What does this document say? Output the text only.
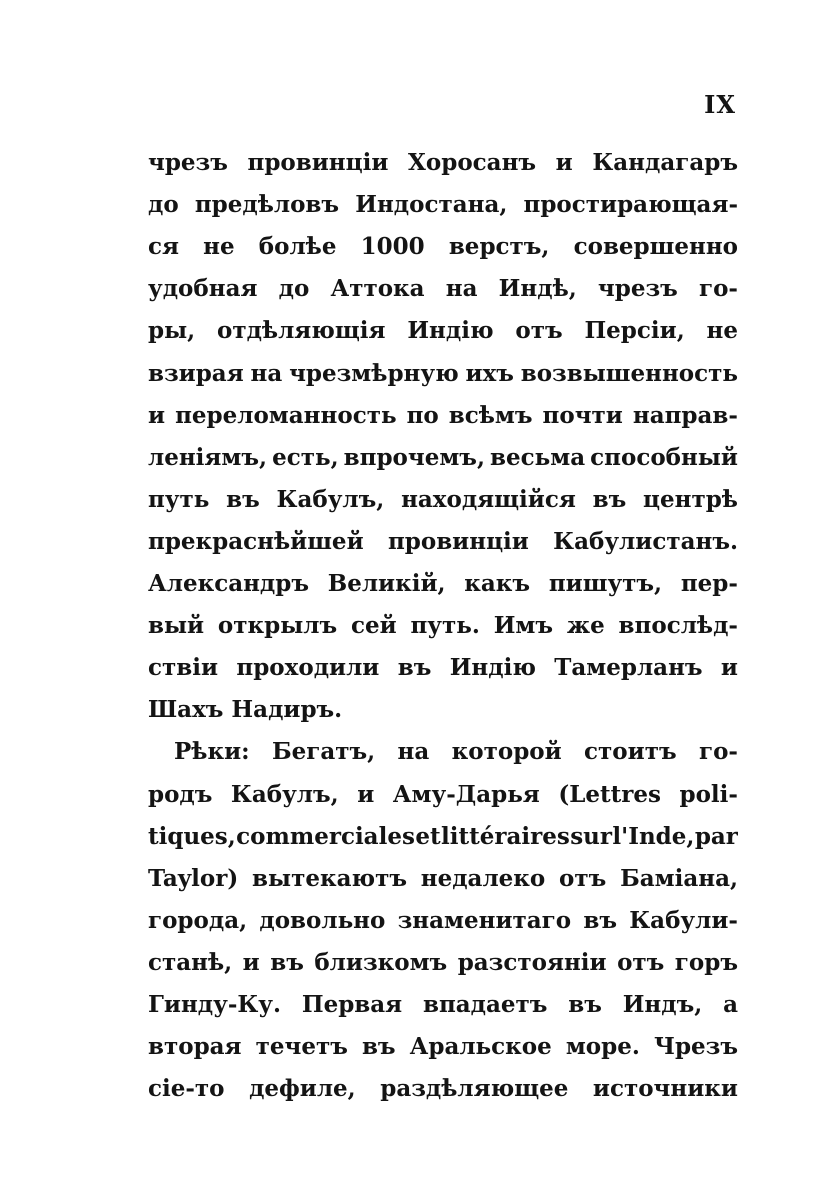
IX
чрезъ провинціи Хоросанъ и Кандагаръ
до предѣловъ Индостана, простирающая-
ся не болѣе 1000 верстъ, совершенно
удобная до Аттока на Индѣ, чрезъ го-
ры, отдѣляющія Индію отъ Персіи, не
взирая на чрезмѣрную ихъ возвышенность
и переломанность по всѣмъ почти направ-
леніямъ, есть, впрочемъ, весьма способный
путь въ Кабулъ, находящійся въ центрѣ
прекраснѣйшей провинціи Кабулистанъ.
Александръ Великій, какъ пишутъ, пер-
вый открылъ сей путь. Имъ же впослѣд-
ствіи проходили въ Индію Тамерланъ и
Шахъ Надиръ.
Рѣки: Бегатъ, на которой стоитъ го-
родъ Кабулъ, и Аму-Дарья (Lettres poli-
tiques, commerciales et littéraires sur l'Inde, par
Taylor) вытекаютъ недалеко отъ Баміана,
города, довольно знаменитаго въ Кабули-
станѣ, и въ близкомъ разстояніи отъ горъ
Гинду-Ку. Первая впадаетъ въ Индъ, а
вторая течетъ въ Аральское море. Чрезъ
сіе-то дефиле, раздѣляющее источники
